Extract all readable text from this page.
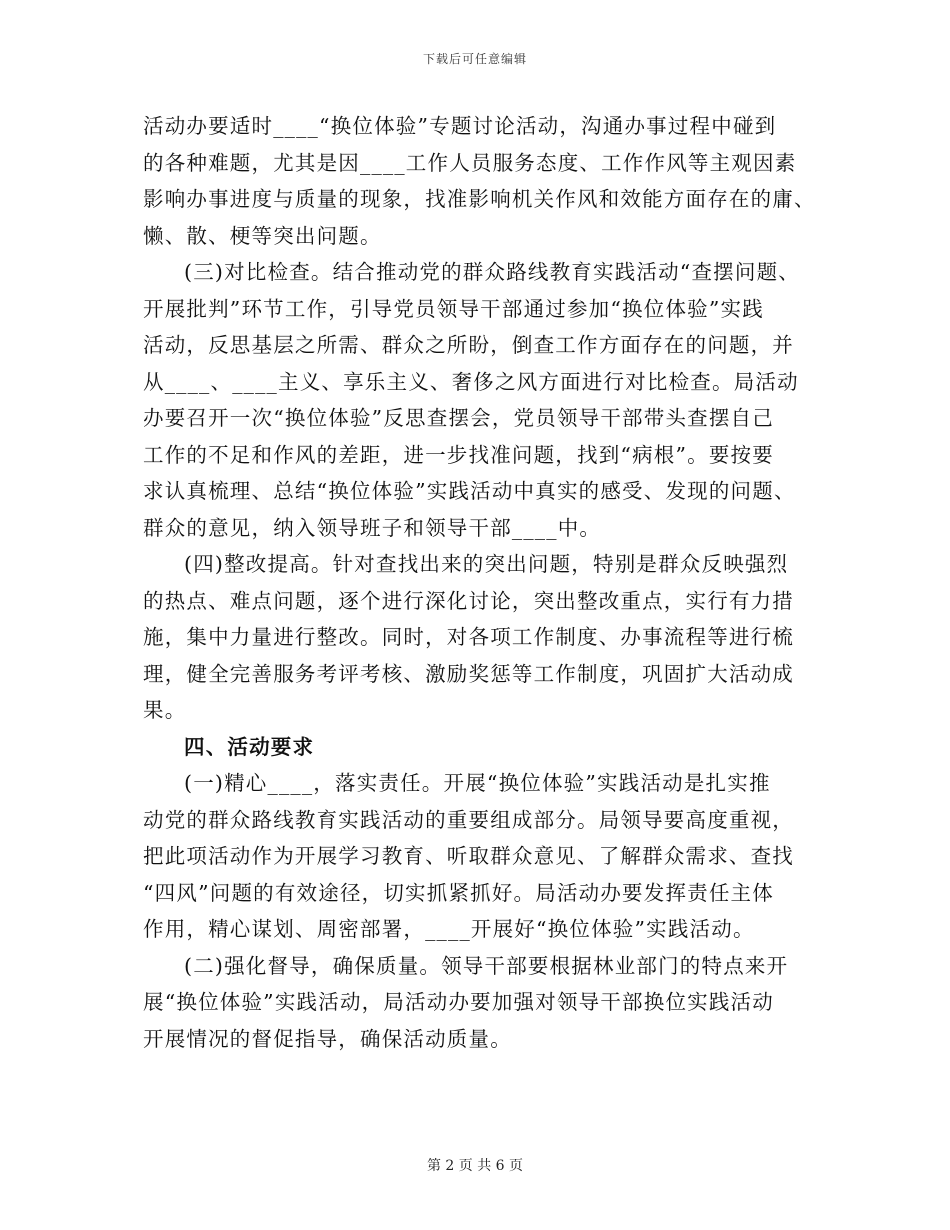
下载后可任意编辑
活动办要适时____“换位体验”专题讨论活动，沟通办事过程中碰到
的各种难题，尤其是因____工作人员服务态度、工作作风等主观因素
影响办事进度与质量的现象，找准影响机关作风和效能方面存在的庸、
懒、散、梗等突出问题。
(三)对比检查。结合推动党的群众路线教育实践活动“查摆问题、
开展批判”环节工作，引导党员领导干部通过参加“换位体验”实践
活动，反思基层之所需、群众之所盼，倒查工作方面存在的问题，并
从____、____主义、享乐主义、奢侈之风方面进行对比检查。局活动
办要召开一次“换位体验”反思查摆会，党员领导干部带头查摆自己
工作的不足和作风的差距，进一步找准问题，找到“病根”。要按要
求认真梳理、总结“换位体验”实践活动中真实的感受、发现的问题、
群众的意见，纳入领导班子和领导干部____中。
(四)整改提高。针对查找出来的突出问题，特别是群众反映强烈
的热点、难点问题，逐个进行深化讨论，突出整改重点，实行有力措
施，集中力量进行整改。同时，对各项工作制度、办事流程等进行梳
理，健全完善服务考评考核、激励奖惩等工作制度，巩固扩大活动成
果。
四、活动要求
(一)精心____，落实责任。开展“换位体验”实践活动是扎实推
动党的群众路线教育实践活动的重要组成部分。局领导要高度重视，
把此项活动作为开展学习教育、听取群众意见、了解群众需求、查找
“四风”问题的有效途径，切实抓紧抓好。局活动办要发挥责任主体
作用，精心谋划、周密部署，____开展好“换位体验”实践活动。
(二)强化督导，确保质量。领导干部要根据林业部门的特点来开
展“换位体验”实践活动，局活动办要加强对领导干部换位实践活动
开展情况的督促指导，确保活动质量。
第 2 页 共 6 页
